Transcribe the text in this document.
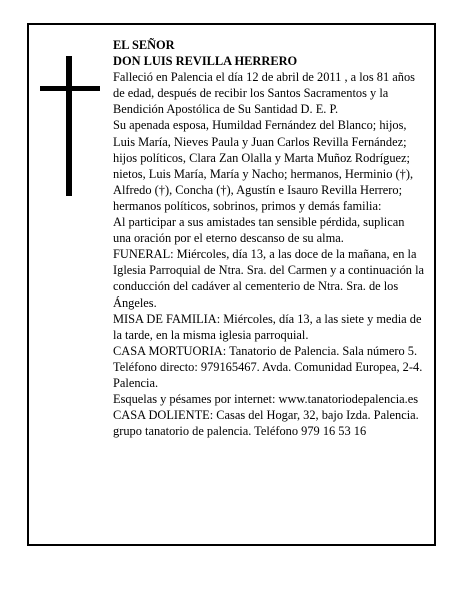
EL SEÑOR

DON LUIS REVILLA HERRERO

Falleció en Palencia el día 12 de abril de 2011 , a los 81 años de edad, después de recibir los Santos Sacramentos y la Bendición Apostólica de Su Santidad D. E. P.

Su apenada esposa, Humildad Fernández del Blanco; hijos, Luis María, Nieves Paula y Juan Carlos Revilla Fernández; hijos políticos, Clara Zan Olalla y Marta Muñoz Rodríguez; nietos, Luis María, María y Nacho; hermanos, Herminio (†), Alfredo (†), Concha (†), Agustín e Isauro Revilla Herrero; hermanos políticos, sobrinos, primos y demás familia:

Al participar a sus amistades tan sensible pérdida, suplican una oración por el eterno descanso de su alma.

FUNERAL: Miércoles, día 13, a las doce de la mañana, en la Iglesia Parroquial de Ntra. Sra. del Carmen y a continuación la conducción del cadáver al cementerio de Ntra. Sra. de los Ángeles.

MISA DE FAMILIA: Miércoles, día 13, a las siete y media de la tarde, en la misma iglesia parroquial.

CASA MORTUORIA: Tanatorio de Palencia. Sala número 5. Teléfono directo: 979165467. Avda. Comunidad Europea, 2-4. Palencia.

Esquelas y pésames por internet: www.tanatoriodepalencia.es

CASA DOLIENTE: Casas del Hogar, 32, bajo Izda. Palencia.

grupo tanatorio de palencia. Teléfono 979 16 53 16
